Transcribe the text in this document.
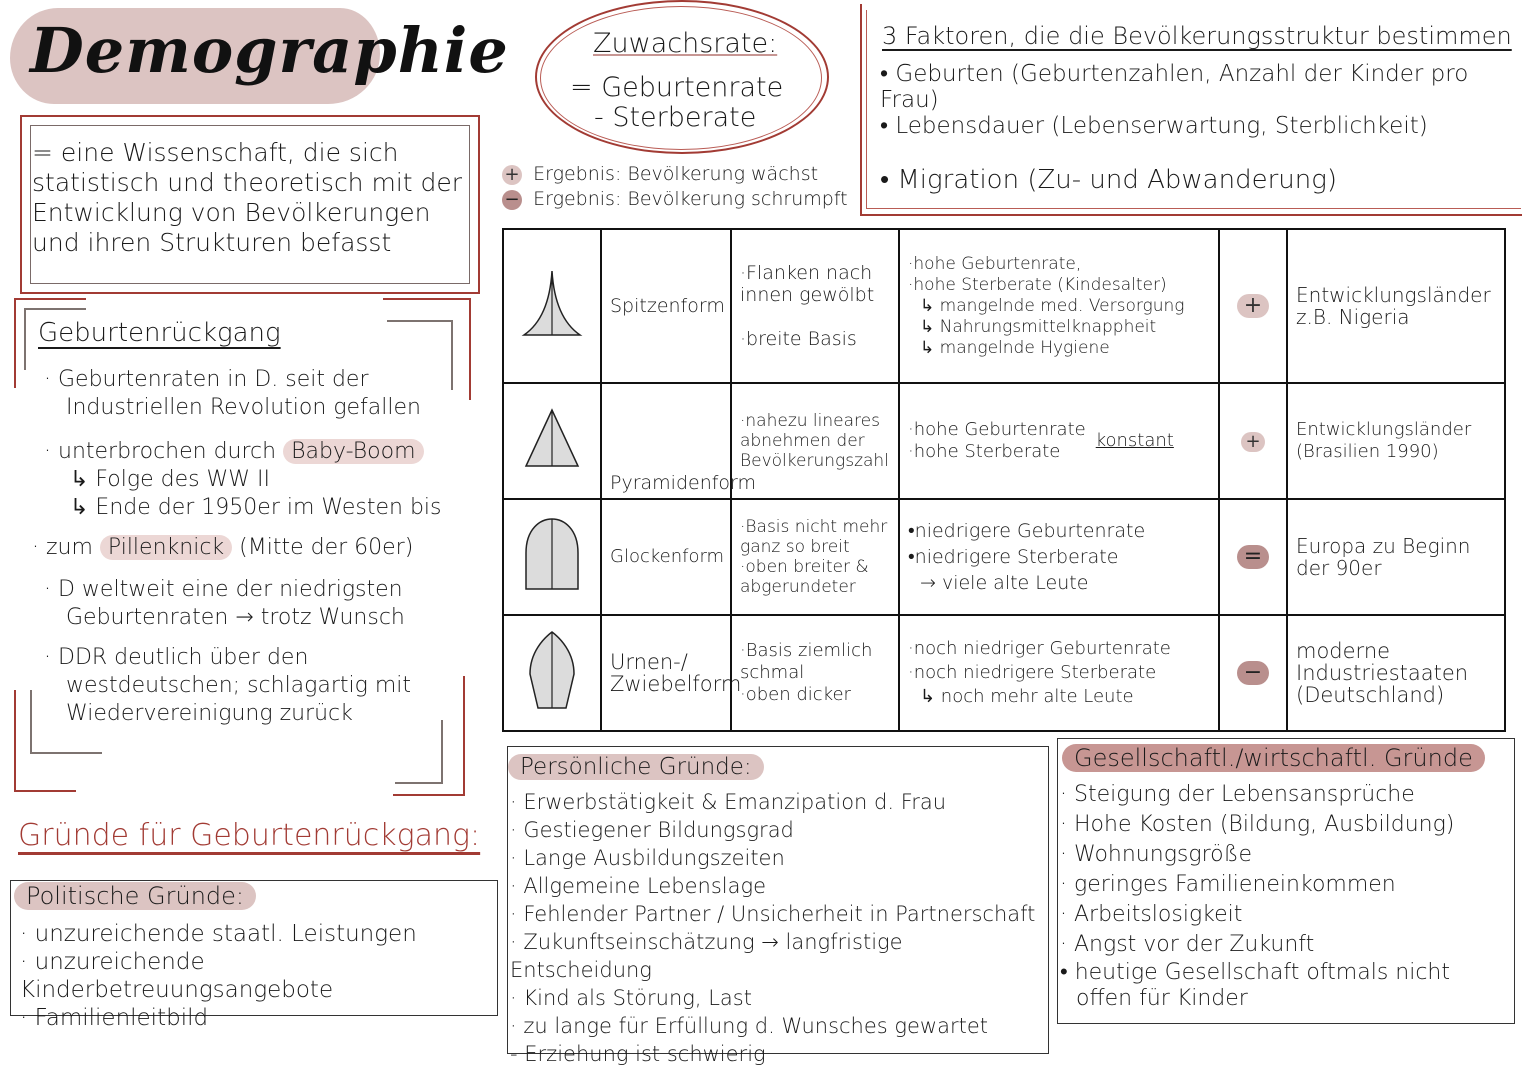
Demographie
= eine Wissenschaft, die sich statistisch und theoretisch mit der Entwicklung von Bevölkerungen und ihren Strukturen befasst
Zuwachsrate:
= Geburtenrate
- Sterberate
+ Ergebnis: Bevölkerung wächst
− Ergebnis: Bevölkerung schrumpft
3 Faktoren, die die Bevölkerungsstruktur bestimmen
• Geburten (Geburtenzahlen, Anzahl der Kinder pro Frau)
• Lebensdauer (Lebenserwartung, Sterblichkeit)
• Migration (Zu- und Abwanderung)
Geburtenrückgang

· Geburtenraten in D. seit der Industriellen Revolution gefallen

· unterbrochen durch Baby-Boom

↳ Folge des WW II

↳ Ende der 1950er im Westen bis

· zum Pillenknick (Mitte der 60er)

· D weltweit eine der niedrigsten Geburtenraten → trotz Wunsch

· DDR deutlich über den westdeutschen; schlagartig mit Wiedervereinigung zurück

Gründe für Geburtenrückgang:
Politische Gründe:

· unzureichende staatl. Leistungen

· unzureichende Kinderbetreuungsangebote

· Familienleitbild

	Spitzenform	·Flanken nach innen gewölbt

·breite Basis	·hohe Geburtenrate,
·hohe Sterberate (Kindesalter)
↳ mangelnde med. Versorgung
↳ Nahrungsmittelknappheit
↳ mangelnde Hygiene	+	Entwicklungsländer z.B. Nigeria
	Pyramidenform	·nahezu lineares abnehmen der Bevölkerungszahl	·hohe Geburtenrate
·hohe Sterberate
konstant	+	Entwicklungsländer (Brasilien 1990)
	Glockenform	·Basis nicht mehr ganz so breit
·oben breiter & abgerundeter	•niedrigere Geburtenrate
•niedrigere Sterberate
→ viele alte Leute	=	Europa zu Beginn der 90er
	Urnen-/ Zwiebelform	·Basis ziemlich schmal
·oben dicker	·noch niedriger Geburtenrate
·noch niedrigere Sterberate
↳ noch mehr alte Leute	−	moderne Industriestaaten (Deutschland)
Persönliche Gründe:

· Erwerbstätigkeit & Emanzipation d. Frau

· Gestiegener Bildungsgrad

· Lange Ausbildungszeiten

· Allgemeine Lebenslage

· Fehlender Partner / Unsicherheit in Partnerschaft

· Zukunftseinschätzung → langfristige Entscheidung

· Kind als Störung, Last

· zu lange für Erfüllung d. Wunsches gewartet

- Erziehung ist schwierig

Gesellschaftl./wirtschaftl. Gründe

· Steigung der Lebensansprüche

· Hohe Kosten (Bildung, Ausbildung)

· Wohnungsgröße

· geringes Familieneinkommen

· Arbeitslosigkeit

· Angst vor der Zukunft

• heutige Gesellschaft oftmals nicht offen für Kinder
